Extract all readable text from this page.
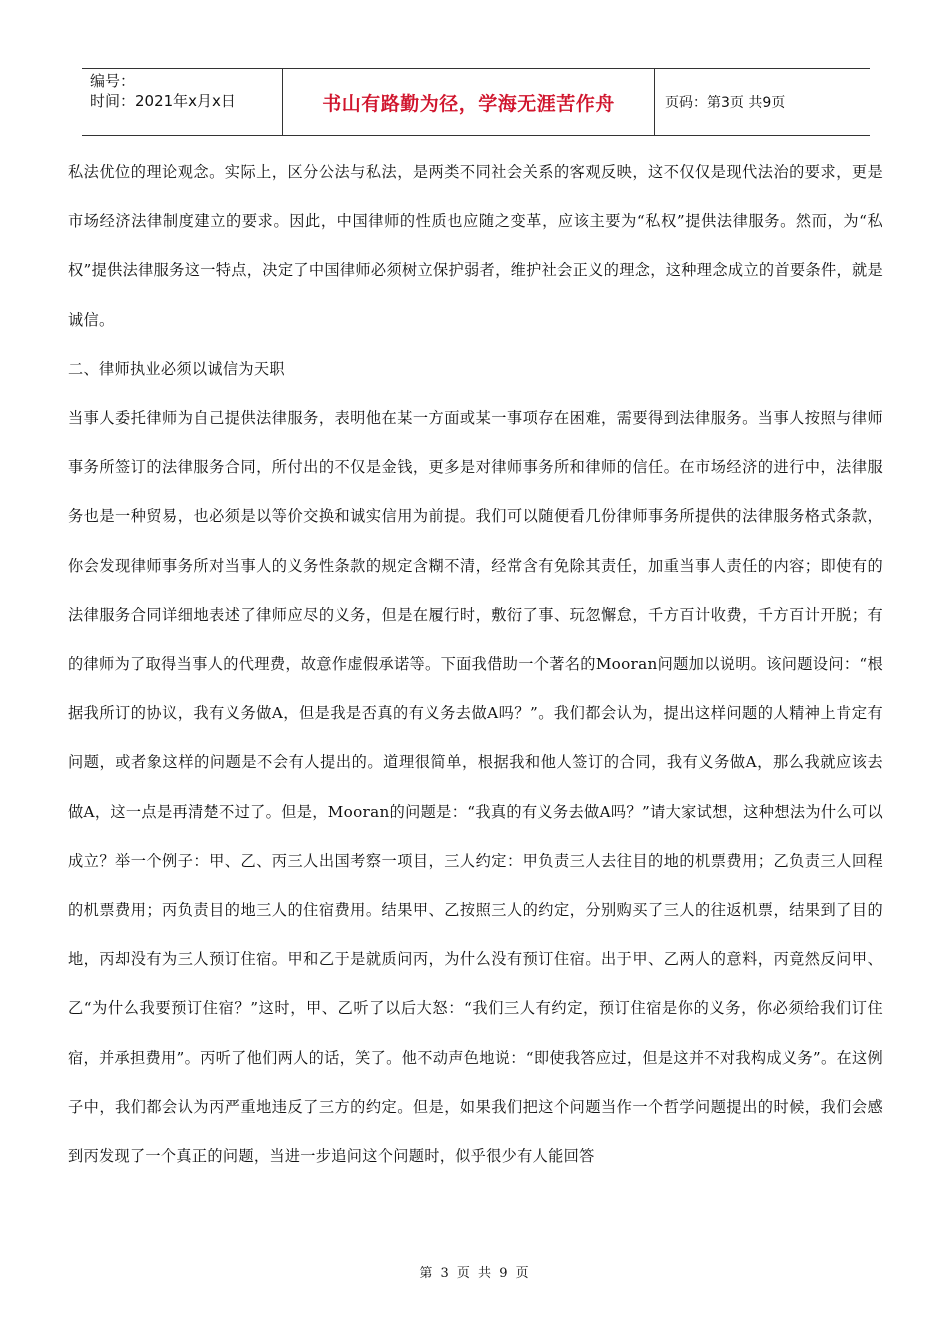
编号：
时间：2021年x月x日	书山有路勤为径，学海无涯苦作舟	页码：第3页 共9页

私法优位的理论观念。实际上，区分公法与私法，是两类不同社会关系的客观反映，这不仅仅是现代法治的要求，更是市场经济法律制度建立的要求。因此，中国律师的性质也应随之变革，应该主要为“私权”提供法律服务。然而，为“私权”提供法律服务这一特点，决定了中国律师必须树立保护弱者，维护社会正义的理念，这种理念成立的首要条件，就是诚信。

二、律师执业必须以诚信为天职

当事人委托律师为自己提供法律服务，表明他在某一方面或某一事项存在困难，需要得到法律服务。当事人按照与律师事务所签订的法律服务合同，所付出的不仅是金钱，更多是对律师事务所和律师的信任。在市场经济的进行中，法律服务也是一种贸易，也必须是以等价交换和诚实信用为前提。我们可以随便看几份律师事务所提供的法律服务格式条款，你会发现律师事务所对当事人的义务性条款的规定含糊不清，经常含有免除其责任，加重当事人责任的内容；即使有的法律服务合同详细地表述了律师应尽的义务，但是在履行时，敷衍了事、玩忽懈怠，千方百计收费，千方百计开脱；有的律师为了取得当事人的代理费，故意作虚假承诺等。下面我借助一个著名的Mooran问题加以说明。该问题设问：“根据我所订的协议，我有义务做A，但是我是否真的有义务去做A吗？”。我们都会认为，提出这样问题的人精神上肯定有问题，或者象这样的问题是不会有人提出的。道理很简单，根据我和他人签订的合同，我有义务做A，那么我就应该去做A，这一点是再清楚不过了。但是，Mooran的问题是：“我真的有义务去做A吗？”请大家试想，这种想法为什么可以成立？举一个例子：甲、乙、丙三人出国考察一项目，三人约定：甲负责三人去往目的地的机票费用；乙负责三人回程的机票费用；丙负责目的地三人的住宿费用。结果甲、乙按照三人的约定，分别购买了三人的往返机票，结果到了目的地，丙却没有为三人预订住宿。甲和乙于是就质问丙，为什么没有预订住宿。出于甲、乙两人的意料，丙竟然反问甲、乙“为什么我要预订住宿？”这时，甲、乙听了以后大怒：“我们三人有约定，预订住宿是你的义务，你必须给我们订住宿，并承担费用”。丙听了他们两人的话，笑了。他不动声色地说：“即使我答应过，但是这并不对我构成义务”。在这例子中，我们都会认为丙严重地违反了三方的约定。但是，如果我们把这个问题当作一个哲学问题提出的时候，我们会感到丙发现了一个真正的问题，当进一步追问这个问题时，似乎很少有人能回答

第 3 页 共 9 页
